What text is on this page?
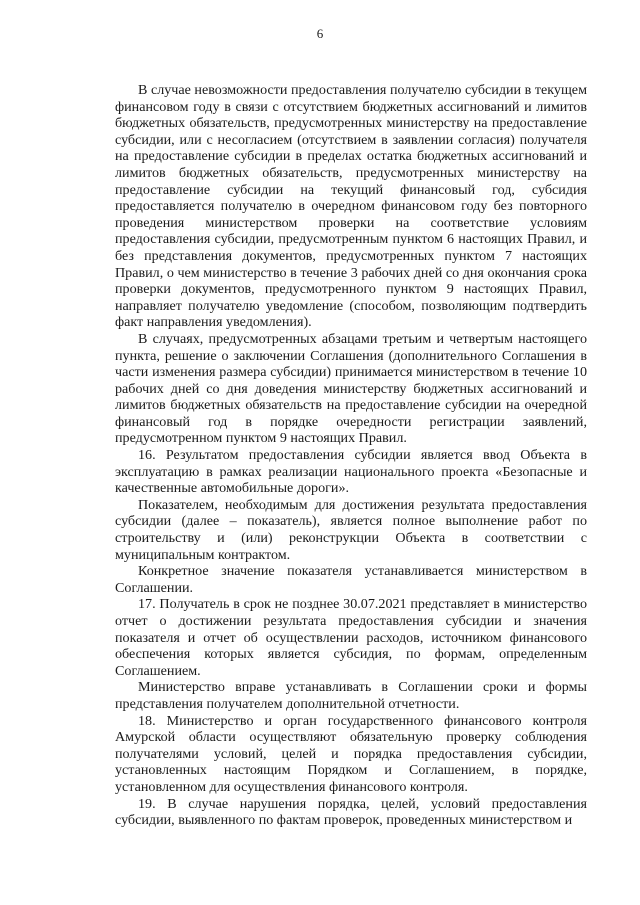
6

В случае невозможности предоставления получателю субсидии в текущем финансовом году в связи с отсутствием бюджетных ассигнований и лимитов бюджетных обязательств, предусмотренных министерству на предоставление субсидии, или с несогласием (отсутствием в заявлении согласия) получателя на предоставление субсидии в пределах остатка бюджетных ассигнований и лимитов бюджетных обязательств, предусмотренных министерству на предоставление субсидии на текущий финансовый год, субсидия предоставляется получателю в очередном финансовом году без повторного проведения министерством проверки на соответствие условиям предоставления субсидии, предусмотренным пунктом 6 настоящих Правил, и без представления документов, предусмотренных пунктом 7 настоящих Правил, о чем министерство в течение 3 рабочих дней со дня окончания срока проверки документов, предусмотренного пунктом 9 настоящих Правил, направляет получателю уведомление (способом, позволяющим подтвердить факт направления уведомления).

В случаях, предусмотренных абзацами третьим и четвертым настоящего пункта, решение о заключении Соглашения (дополнительного Соглашения в части изменения размера субсидии) принимается министерством в течение 10 рабочих дней со дня доведения министерству бюджетных ассигнований и лимитов бюджетных обязательств на предоставление субсидии на очередной финансовый год в порядке очередности регистрации заявлений, предусмотренном пунктом 9 настоящих Правил.

16. Результатом предоставления субсидии является ввод Объекта в эксплуатацию в рамках реализации национального проекта «Безопасные и качественные автомобильные дороги».

Показателем, необходимым для достижения результата предоставления субсидии (далее – показатель), является полное выполнение работ по строительству и (или) реконструкции Объекта в соответствии с муниципальным контрактом.

Конкретное значение показателя устанавливается министерством в Соглашении.

17. Получатель в срок не позднее 30.07.2021 представляет в министерство отчет о достижении результата предоставления субсидии и значения показателя и отчет об осуществлении расходов, источником финансового обеспечения которых является субсидия, по формам, определенным Соглашением.

Министерство вправе устанавливать в Соглашении сроки и формы представления получателем дополнительной отчетности.

18. Министерство и орган государственного финансового контроля Амурской области осуществляют обязательную проверку соблюдения получателями условий, целей и порядка предоставления субсидии, установленных настоящим Порядком и Соглашением, в порядке, установленном для осуществления финансового контроля.

19. В случае нарушения порядка, целей, условий предоставления субсидии, выявленного по фактам проверок, проведенных министерством и
